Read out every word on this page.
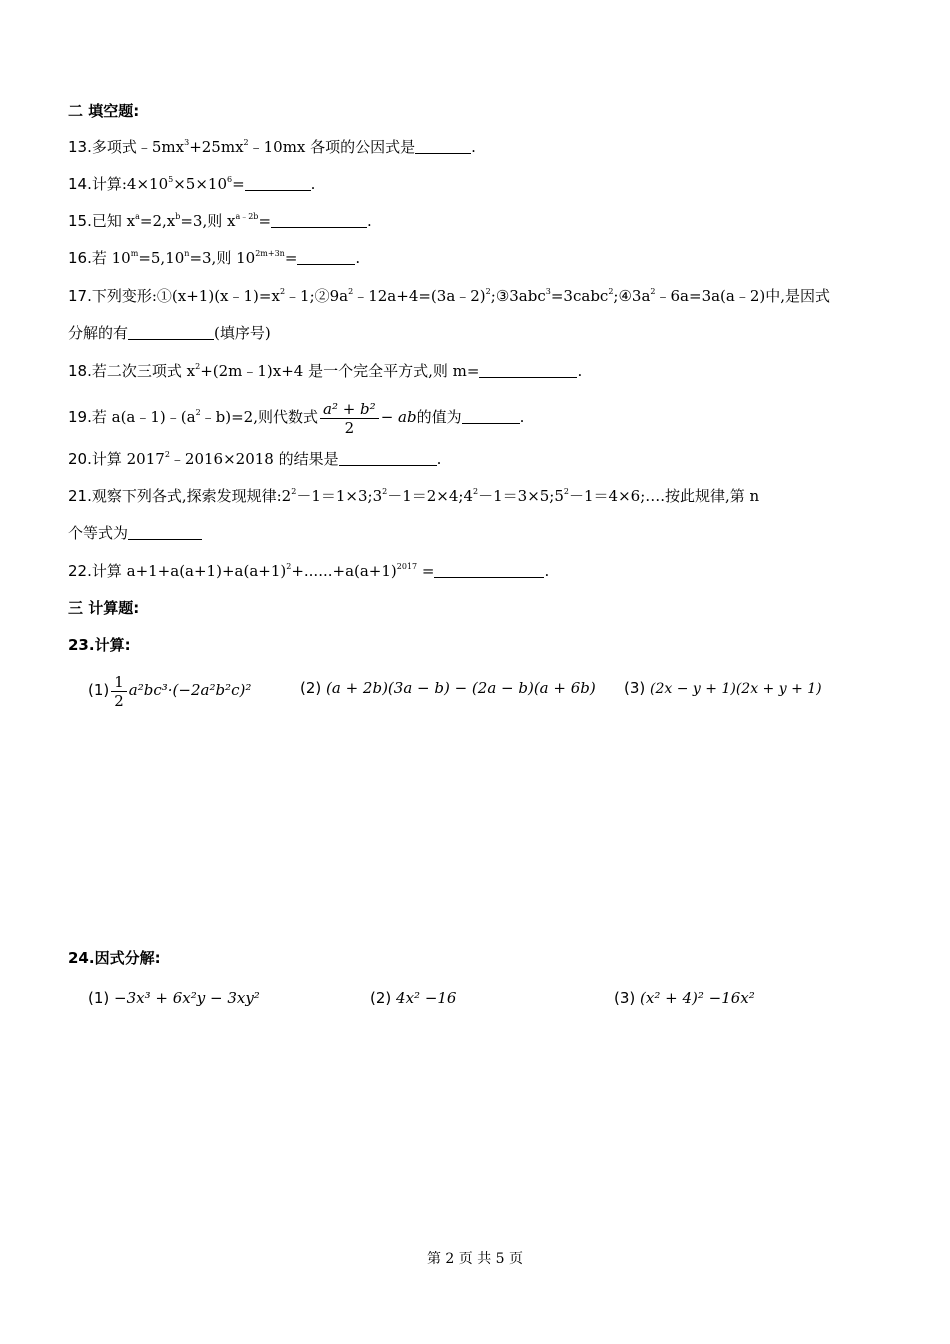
二 填空题:
13.多项式$﹣5mx^3+25mx^2﹣10mx$ 各项的公因式是	.
14.计算$:4\times 10^5\times 5\times 10^6=$	.
15.已知 $x^a=2,x^b=3$,则 $x^{a﹣2b}=$	.
16.若 $10^m=5,10^n=3$,则 $10^{2m+3n}=$	.
17.下列变形$:①(x+1)(x﹣1)=x^2﹣1;②9a^2﹣12a+4=(3a﹣2)^2;③3abc^3=3cabc^2;④3a^2﹣6a=3a(a﹣2)$中,是因式
分解的有	(填序号)
18.若二次三项式 $x^2+(2m﹣1)x+4$ 是一个完全平方式,则 m=	.
19.若 $a(a﹣1)﹣(a^2﹣b)=2$,则代数式 $\frac{\text{a² + b²}}{2}$ − ab的值为	.
20.计算 $2017^2﹣2016\times 2018$ 的结果是	.
21.观察下列各式,探索发现规律$:2^2-1=1\times 3;3^2-1=2\times 4;4^2-1=3\times 5;5^2-1=4\times 6;\dots$.按此规律,第 n
个等式为
22.计算 $a+1+a(a+1)+a(a+1)^2+......+a(a+1)^{2017}$ =	.
三 计算题:
23.计算:
$(1) \frac{1}{2} a^2bc^3\cdot(-2a^2b^2c)^2$	(2) (a + 2b)(3a − b) − (2a − b)(a + 6b) (3) (2x − y + 1)(2x + y + 1)
24.因式分解:
(1) −3x³ + 6x²y − 3xy²	(2) 4x² −16	(3) (x² + 4)² −16x²
第 2 页 共 5 页
